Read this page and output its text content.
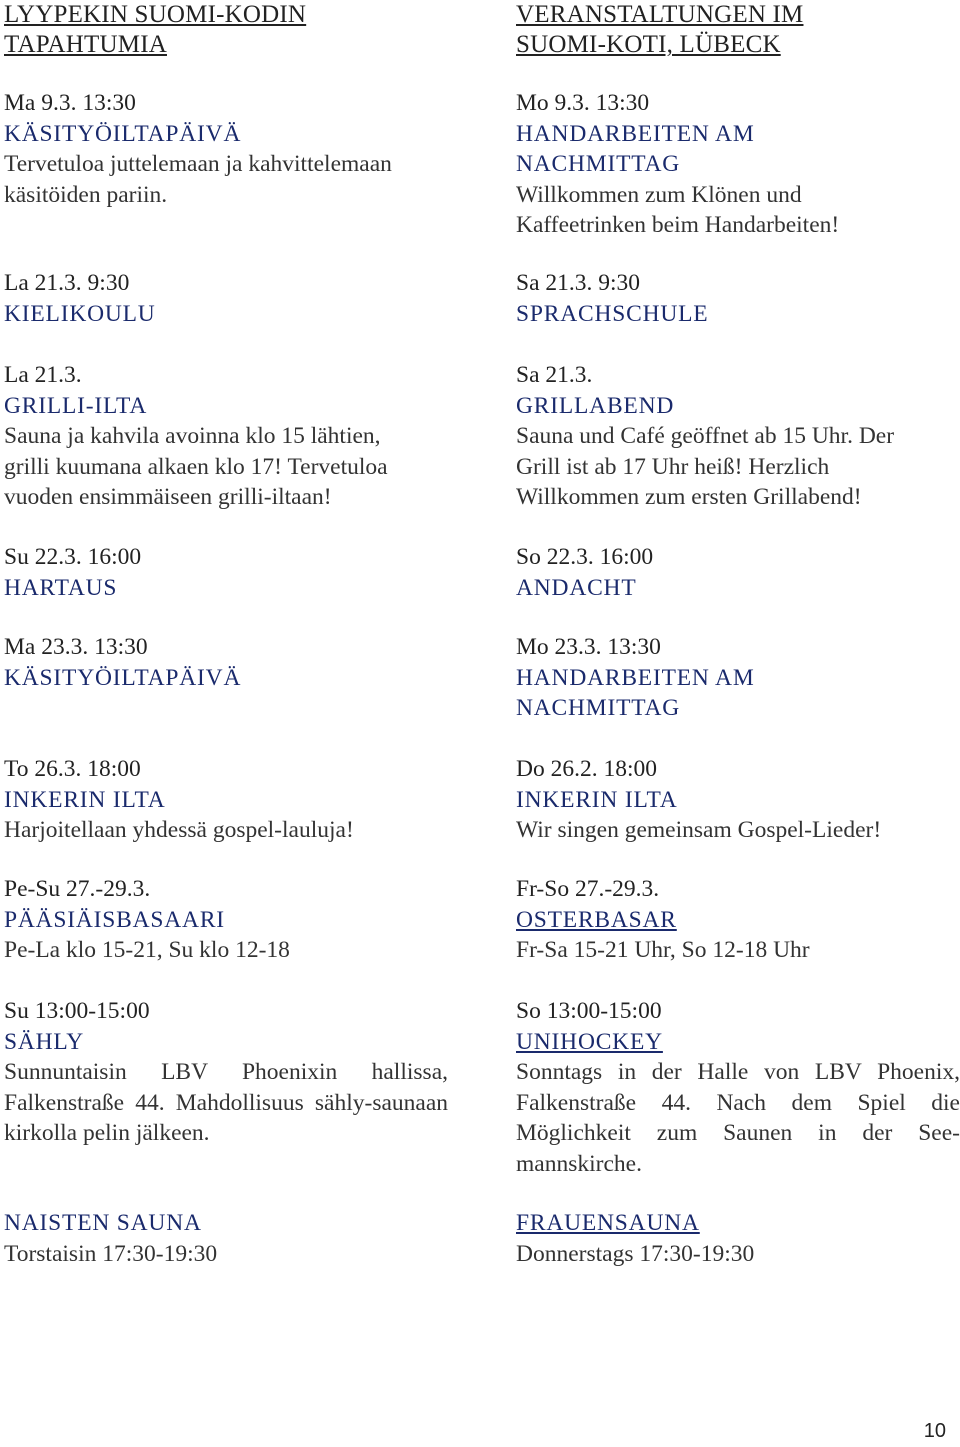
LYYPEKIN SUOMI-KODIN
TAPAHTUMIA
Ma 9.3. 13:30
KÄSITYÖILTAPÄIVÄ
Tervetuloa juttelemaan ja kahvittelemaan
käsitöiden pariin.
La 21.3. 9:30
KIELIKOULU
La 21.3.
GRILLI-ILTA
Sauna ja kahvila avoinna klo 15 lähtien,
grilli kuumana alkaen klo 17! Tervetuloa
vuoden ensimmäiseen grilli-iltaan!
Su 22.3. 16:00
HARTAUS
Ma 23.3. 13:30
KÄSITYÖILTAPÄIVÄ
To 26.3. 18:00
INKERIN ILTA
Harjoitellaan yhdessä gospel-lauluja!
Pe-Su 27.-29.3.
PÄÄSIÄISBASAARI
Pe-La klo 15-21, Su klo 12-18
Su 13:00-15:00
SÄHLY
Sunnuntaisin LBV Phoenixin hallissa, Falkenstraße 44. Mahdollisuus sähly-saunaan kirkolla pelin jälkeen.
NAISTEN SAUNA
Torstaisin 17:30-19:30
VERANSTALTUNGEN IM
SUOMI-KOTI, LÜBECK
Mo 9.3. 13:30
HANDARBEITEN AM
NACHMITTAG
Willkommen zum Klönen und
Kaffeetrinken beim Handarbeiten!
Sa 21.3. 9:30
SPRACHSCHULE
Sa 21.3.
GRILLABEND
Sauna und Café geöffnet ab 15 Uhr. Der
Grill ist ab 17 Uhr heiß! Herzlich
Willkommen zum ersten Grillabend!
So 22.3. 16:00
ANDACHT
Mo 23.3. 13:30
HANDARBEITEN AM
NACHMITTAG
Do 26.2. 18:00
INKERIN ILTA
Wir singen gemeinsam Gospel-Lieder!
Fr-So 27.-29.3.
OSTERBASAR
Fr-Sa 15-21 Uhr, So 12-18 Uhr
So 13:00-15:00
UNIHOCKEY
Sonntags in der Halle von LBV Phoenix, Falkenstraße 44. Nach dem Spiel die Möglichkeit zum Saunen in der See-mannskirche.
FRAUENSAUNA
Donnerstags 17:30-19:30
10
